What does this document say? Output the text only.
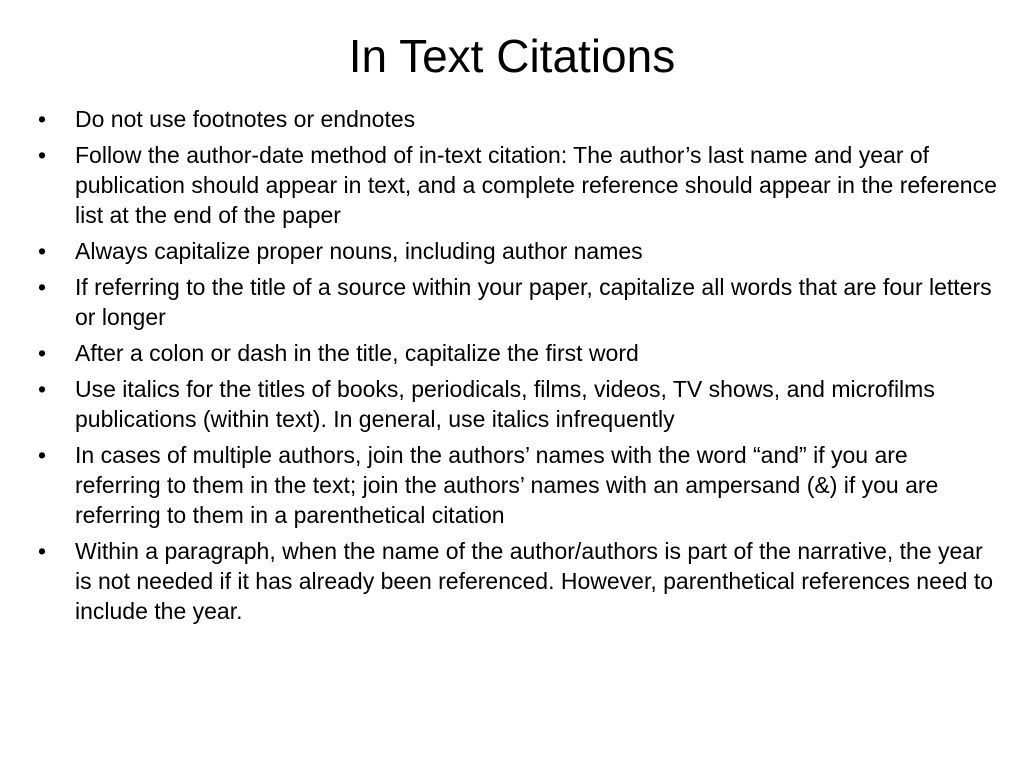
In Text Citations
•	Do not use footnotes or endnotes
•	Follow the author-date method of in-text citation: The author’s last name and year of publication should appear in text, and a complete reference should appear in the reference list at the end of the paper
•	Always capitalize proper nouns, including author names
•	If referring to the title of a source within your paper, capitalize all words that are four letters or longer
•	After a colon or dash in the title, capitalize the first word
•	Use italics for the titles of books, periodicals, films, videos, TV shows, and microfilms publications (within text). In general, use italics infrequently
•	In cases of multiple authors, join the authors’ names with the word “and” if you are referring to them in the text; join the authors’ names with an ampersand (&) if you are referring to them in a parenthetical citation
•	Within a paragraph, when the name of the author/authors is part of the narrative, the year is not needed if it has already been referenced. However, parenthetical references need to include the year.
